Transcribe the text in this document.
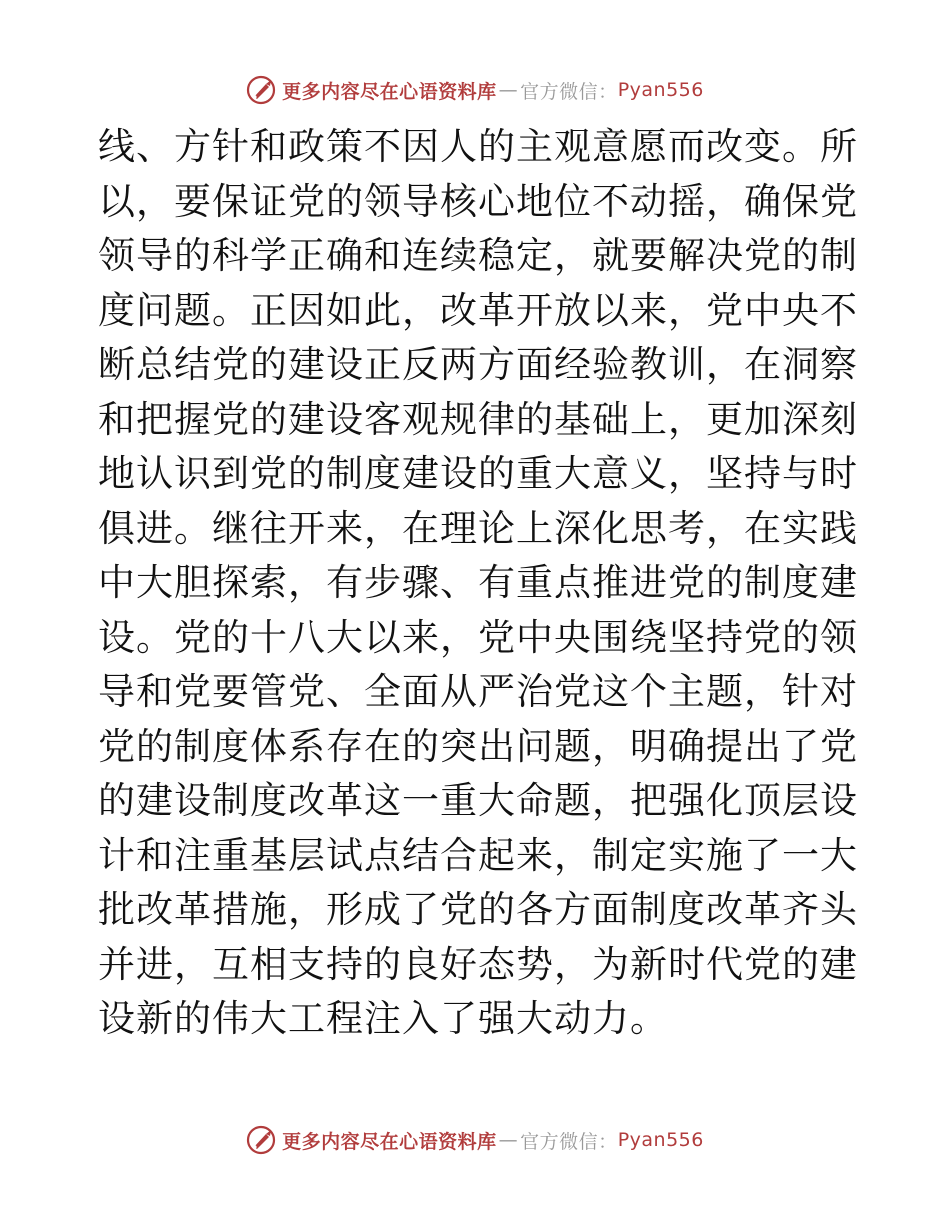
更多内容尽在心语资料库 — 官方微信： Pyan556

线、方针和政策不因人的主观意愿而改变。所以，要保证党的领导核心地位不动摇，确保党领导的科学正确和连续稳定，就要解决党的制度问题。正因如此，改革开放以来，党中央不断总结党的建设正反两方面经验教训，在洞察和把握党的建设客观规律的基础上，更加深刻地认识到党的制度建设的重大意义，坚持与时俱进。继往开来，在理论上深化思考，在实践中大胆探索，有步骤、有重点推进党的制度建设。党的十八大以来，党中央围绕坚持党的领导和党要管党、全面从严治党这个主题，针对党的制度体系存在的突出问题，明确提出了党的建设制度改革这一重大命题，把强化顶层设计和注重基层试点结合起来，制定实施了一大批改革措施，形成了党的各方面制度改革齐头并进，互相支持的良好态势，为新时代党的建设新的伟大工程注入了强大动力。

更多内容尽在心语资料库 — 官方微信： Pyan556
